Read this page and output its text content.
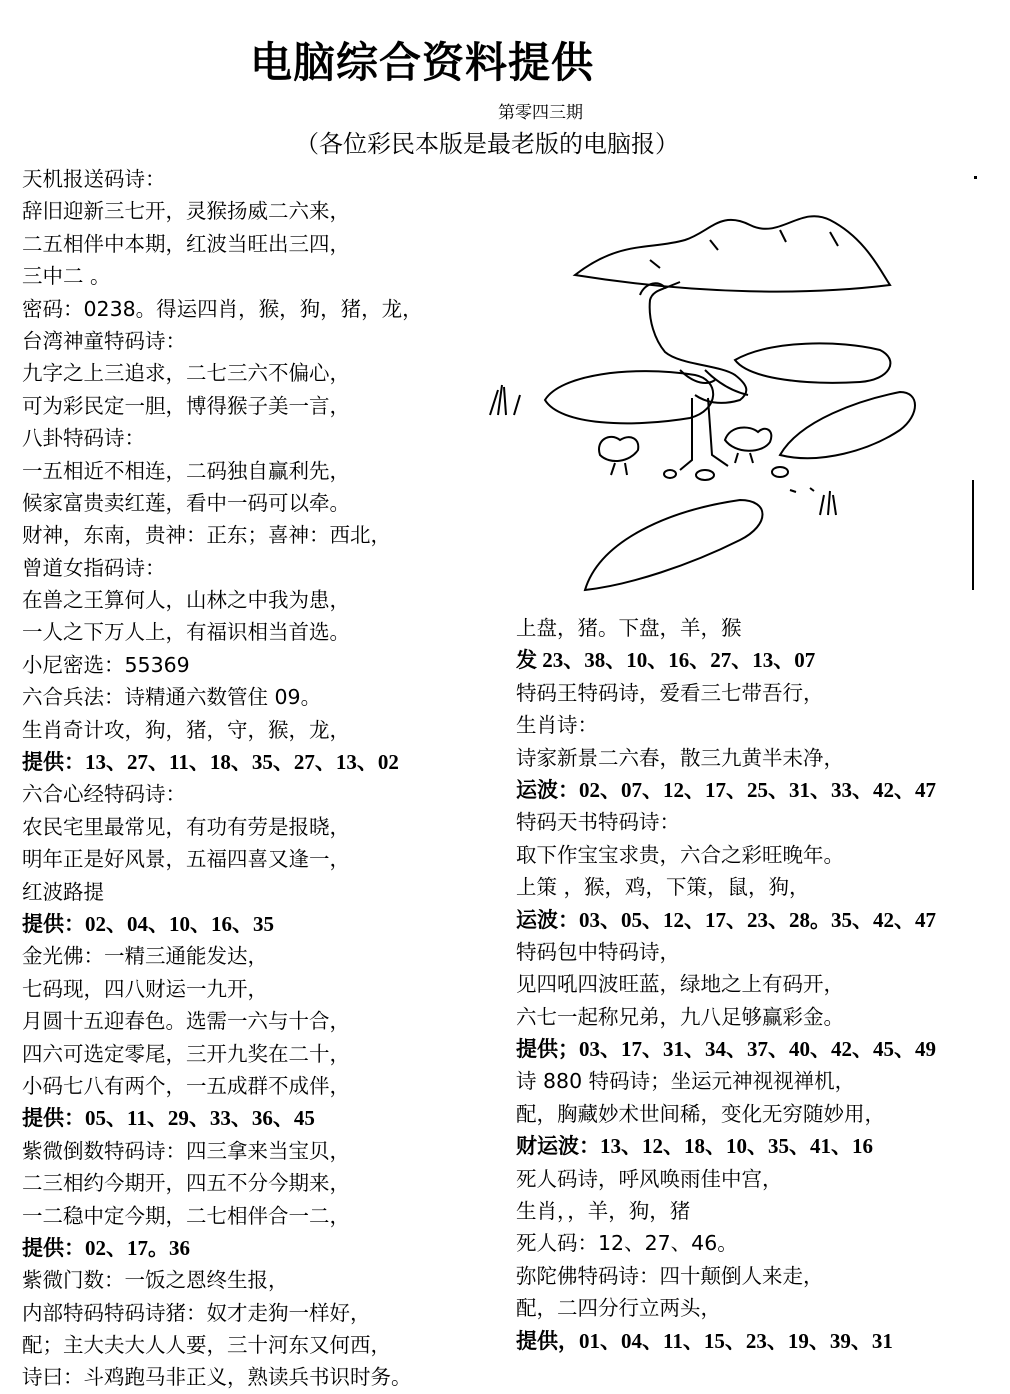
电脑综合资料提供
第零四三期
（各位彩民本版是最老版的电脑报）
天机报送码诗：
辞旧迎新三七开，灵猴扬威二六来，
二五相伴中本期，红波当旺出三四，
三中二 。
密码：0238。得运四肖，猴，狗，猪，龙，
台湾神童特码诗：
九字之上三追求，二七三六不偏心，
可为彩民定一胆，博得猴子美一言，
八卦特码诗：
一五相近不相连，二码独自赢利先，
候家富贵卖红莲，看中一码可以牵。
财神，东南，贵神：正东；喜神：西北，
曾道女指码诗：
在兽之王算何人，山林之中我为患，
一人之下万人上，有福识相当首选。
小尼密选：55369
六合兵法：诗精通六数管住 09。
生肖奇计攻，狗，猪，守，猴，龙，
提供：13、27、11、18、35、27、13、02
六合心经特码诗：
农民宅里最常见，有功有劳是报晓，
明年正是好风景，五福四喜又逢一，
红波路提
提供：02、04、10、16、35
金光佛：一精三通能发达，
七码现，四八财运一九开，
月圆十五迎春色。选需一六与十合，
四六可选定零尾，三开九奖在二十，
小码七八有两个，一五成群不成伴，
提供：05、11、29、33、36、45
紫微倒数特码诗：四三拿来当宝贝，
二三相约今期开，四五不分今期来，
一二稳中定今期，二七相伴合一二，
提供：02、17。36
紫微门数：一饭之恩终生报，
内部特码特码诗猪：奴才走狗一样好，
配；主大夫大人人要，三十河东又何西，
诗曰：斗鸡跑马非正义，熟读兵书识时务。
上盘，猪。下盘，羊，猴
发 23、38、10、16、27、13、07
特码王特码诗，爱看三七带吾行，
生肖诗：
诗家新景二六春，散三九黄半未净，
运波：02、07、12、17、25、31、33、42、47
特码天书特码诗：
取下作宝宝求贵，六合之彩旺晚年。
上策 ，猴，鸡，下策，鼠，狗，
运波：03、05、12、17、23、28。35、42、47
特码包中特码诗，
见四吼四波旺蓝，绿地之上有码开，
六七一起称兄弟，九八足够赢彩金。
提供；03、17、31、34、37、40、42、45、49
诗 880 特码诗；坐运元神视视禅机，
配，胸藏妙术世间稀，变化无穷随妙用，
财运波：13、12、18、10、35、41、16
死人码诗，呼风唤雨佳中宫，
生肖，，羊，狗，猪
死人码：12、27、46。
弥陀佛特码诗：四十颠倒人来走，
配，二四分行立两头，
提供，01、04、11、15、23、19、39、31
